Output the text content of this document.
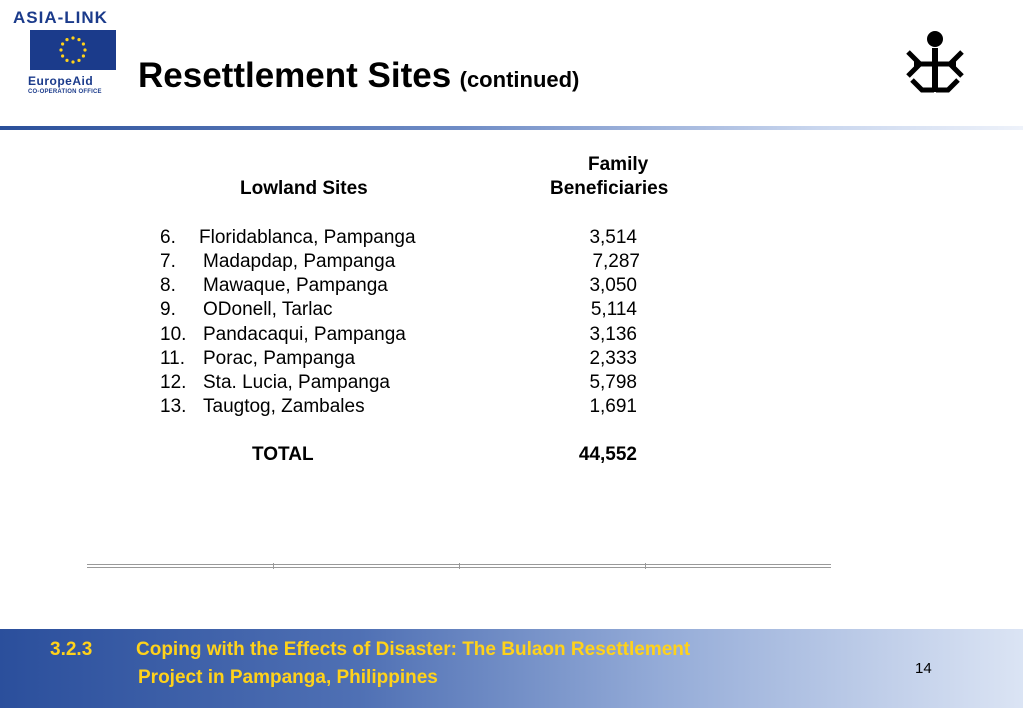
ASIA-LINK
EuropeAid
CO-OPERATION OFFICE Resettlement Sites (continued)
Family
Lowland Sites	Beneficiaries
6. Floridablanca, Pampanga	3,514
7. Madapdap, Pampanga	7,287
8. Mawaque, Pampanga	3,050
9. ODonell, Tarlac	5,114
10. Pandacaqui, Pampanga	3,136
11. Porac, Pampanga	2,333
12. Sta. Lucia, Pampanga	5,798
13. Taugtog, Zambales	1,691
TOTAL	44,552
3.2.3 Coping with the Effects of Disaster: The Bulaon Resettlement
Project in Pampanga, Philippines	14
